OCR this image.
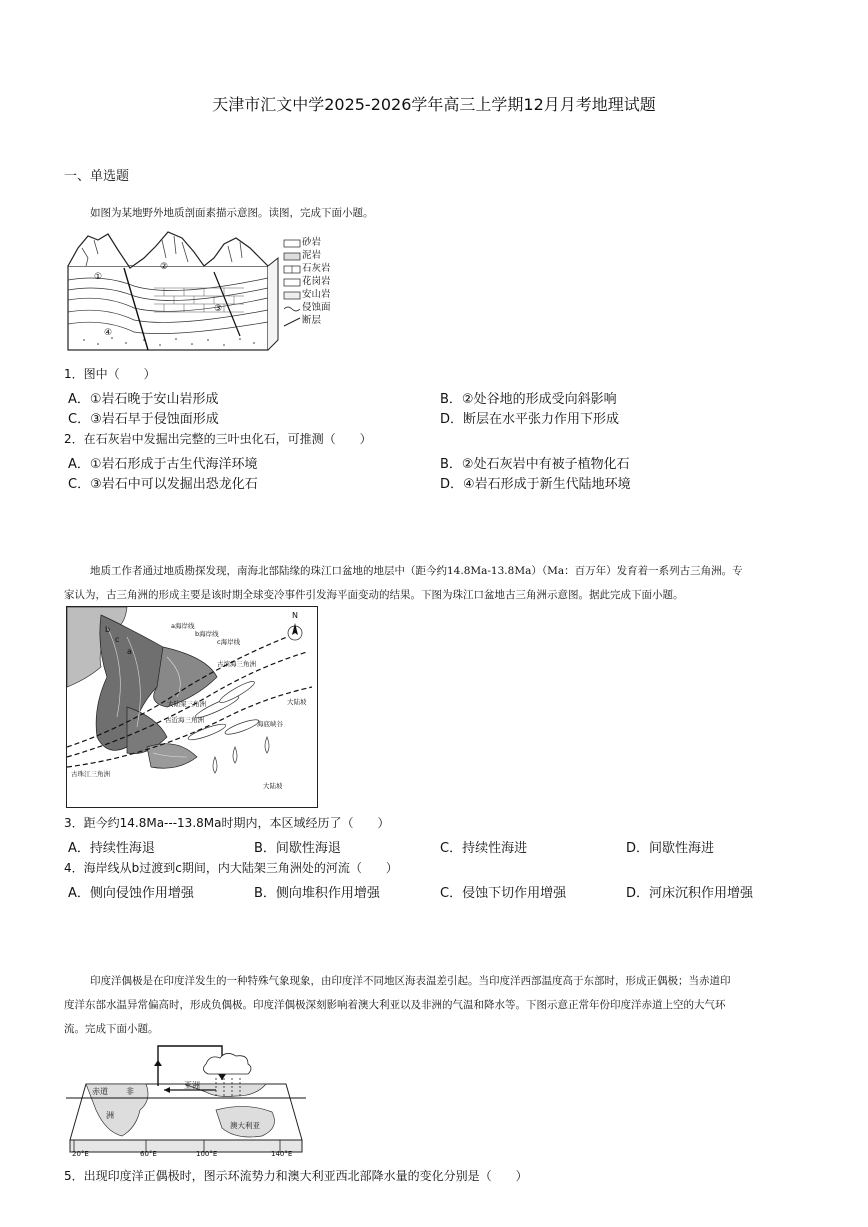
天津市汇文中学2025-2026学年高三上学期12月月考地理试题
一、单选题
如图为某地野外地质剖面素描示意图。读图，完成下面小题。
砂岩
泥岩
石灰岩
花岗岩
安山岩
侵蚀面
断层
①
②
③
④
1．图中（　　）
A．①岩石晚于安山岩形成	B．②处谷地的形成受向斜影响
C．③岩石早于侵蚀面形成	D．断层在水平张力作用下形成
2．在石灰岩中发掘出完整的三叶虫化石，可推测（　　）
A．①岩石形成于古生代海洋环境	B．②处石灰岩中有被子植物化石
C．③岩石中可以发掘出恐龙化石	D．④岩石形成于新生代陆地环境
地质工作者通过地质勘探发现，南海北部陆缘的珠江口盆地的地层中（距今约14.8Ma-13.8Ma）（Ma：百万年）发育着一系列古三角洲。专
家认为，古三角洲的形成主要是该时期全球变冷事件引发海平面变动的结果。下图为珠江口盆地古三角洲示意图。据此完成下面小题。
b
c
a
c海岸线
b海岸线
a海岸线
古滨海三角洲
古近海三角洲	海底峡谷
大陆架三角洲	大陆坡
古珠江三角洲
大陆坡
N
3．距今约14.8Ma---13.8Ma时期内，本区域经历了（　　）
A．持续性海退	B．间歇性海退	C．持续性海进	D．间歇性海进
4．海岸线从b过渡到c期间，内大陆架三角洲处的河流（　　）
A．侧向侵蚀作用增强	B．侧向堆积作用增强	C．侵蚀下切作用增强	D．河床沉积作用增强
印度洋偶极是在印度洋发生的一种特殊气象现象，由印度洋不同地区海表温差引起。当印度洋西部温度高于东部时，形成正偶极；当赤道印
度洋东部水温异常偏高时，形成负偶极。印度洋偶极深刻影响着澳大利亚以及非洲的气温和降水等。下图示意正常年份印度洋赤道上空的大气环
流。完成下面小题。
赤道 非
亚洲
洲
澳大利亚
20°E	60°E	100°E	140°E
5．出现印度洋正偶极时，图示环流势力和澳大利亚西北部降水量的变化分别是（　　）
